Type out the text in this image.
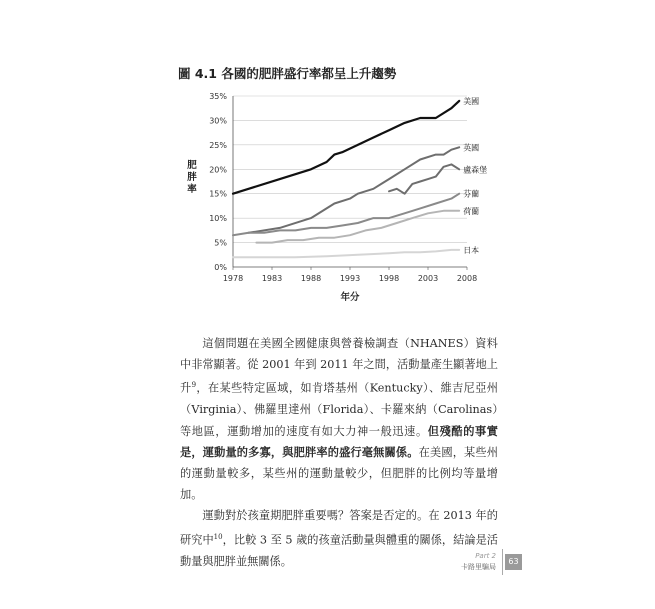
圖 4.1 各國的肥胖盛行率都呈上升趨勢
0%
5%
10%
15%
20%
25%
30%
35%
1978 1983 1988 1993 1998 2003 2008
年分
肥
胖
率
美國
英國
盧森堡
芬蘭
荷蘭
日本

這個問題在美國全國健康與營養檢調查（NHANES）資料中非常顯著。從 2001 年到 2011 年之間，活動量產生顯著地上升$^9$，在某些特定區域，如肯塔基州（Kentucky）、維吉尼亞州（Virginia）、佛羅里達州（Florida）、卡羅來納（Carolinas）等地區，運動增加的速度有如大力神一般迅速。但殘酷的事實是，運動量的多寡，與肥胖率的盛行毫無關係。在美國，某些州的運動量較多，某些州的運動量較少，但肥胖的比例均等量增加。

運動對於孩童期肥胖重要嗎？答案是否定的。在 2013 年的研究中$^{10}$，比較 3 至 5 歲的孩童活動量與體重的關係，結論是活動量與肥胖並無關係。	Part 2
卡路里騙局
63
